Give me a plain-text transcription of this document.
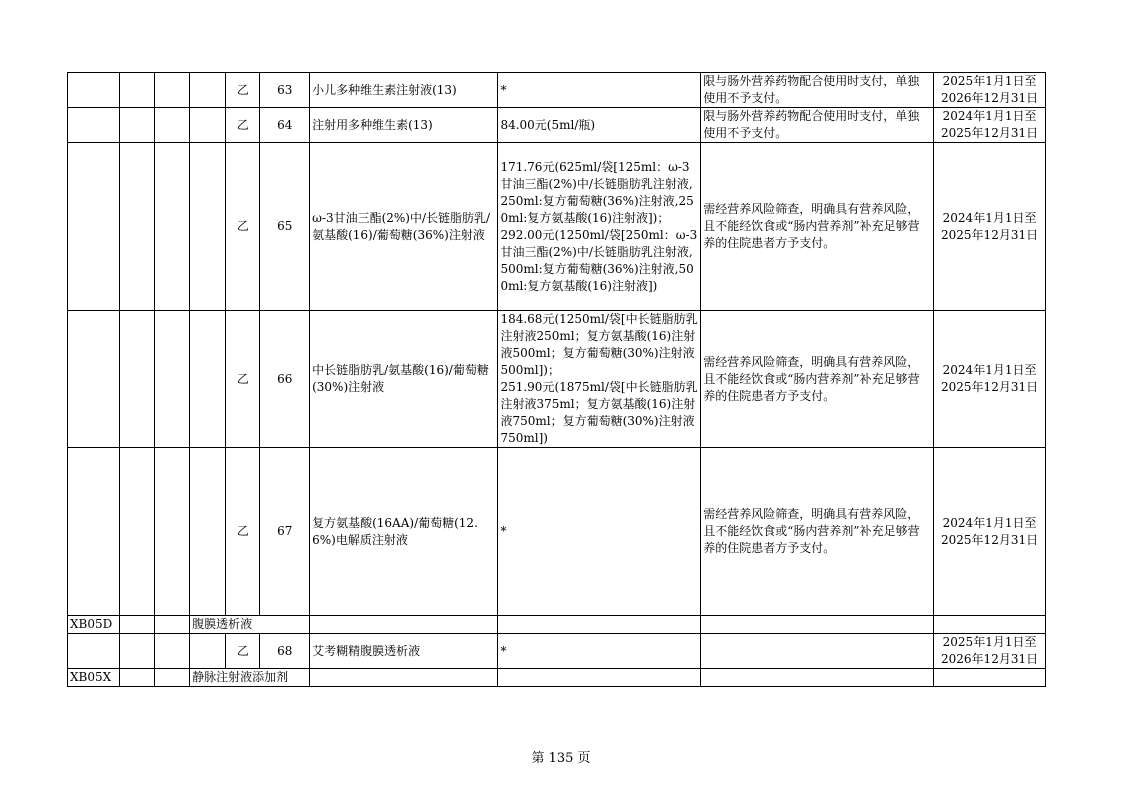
				乙	63	小儿多种维生素注射液(13)	*	限与肠外营养药物配合使用时支付，单独使用不予支付。	2025年1月1日至
2026年12月31日
				乙	64	注射用多种维生素(13)	84.00元(5ml/瓶)	限与肠外营养药物配合使用时支付，单独使用不予支付。	2024年1月1日至
2025年12月31日
				乙	65	ω-3甘油三酯(2%)中/长链脂肪乳/氨基酸(16)/葡萄糖(36%)注射液	171.76元(625ml/袋[125ml：ω-3甘油三酯(2%)中/长链脂肪乳注射液,250ml:复方葡萄糖(36%)注射液,250ml:复方氨基酸(16)注射液])；
292.00元(1250ml/袋[250ml：ω-3甘油三酯(2%)中/长链脂肪乳注射液,500ml:复方葡萄糖(36%)注射液,500ml:复方氨基酸(16)注射液])	需经营养风险筛查，明确具有营养风险，且不能经饮食或“肠内营养剂”补充足够营养的住院患者方予支付。	2024年1月1日至
2025年12月31日
				乙	66	中长链脂肪乳/氨基酸(16)/葡萄糖(30%)注射液	184.68元(1250ml/袋[中长链脂肪乳注射液250ml；复方氨基酸(16)注射液500ml；复方葡萄糖(30%)注射液500ml])；
251.90元(1875ml/袋[中长链脂肪乳注射液375ml；复方氨基酸(16)注射液750ml；复方葡萄糖(30%)注射液750ml])	需经营养风险筛查，明确具有营养风险，且不能经饮食或“肠内营养剂”补充足够营养的住院患者方予支付。	2024年1月1日至
2025年12月31日
				乙	67	复方氨基酸(16AA)/葡萄糖(12.6%)电解质注射液	*	需经营养风险筛查，明确具有营养风险，且不能经饮食或“肠内营养剂”补充足够营养的住院患者方予支付。	2024年1月1日至
2025年12月31日
XB05D			腹膜透析液						
				乙	68	艾考糊精腹膜透析液	*		2025年1月1日至
2026年12月31日
XB05X			静脉注射液添加剂						
第 135 页
